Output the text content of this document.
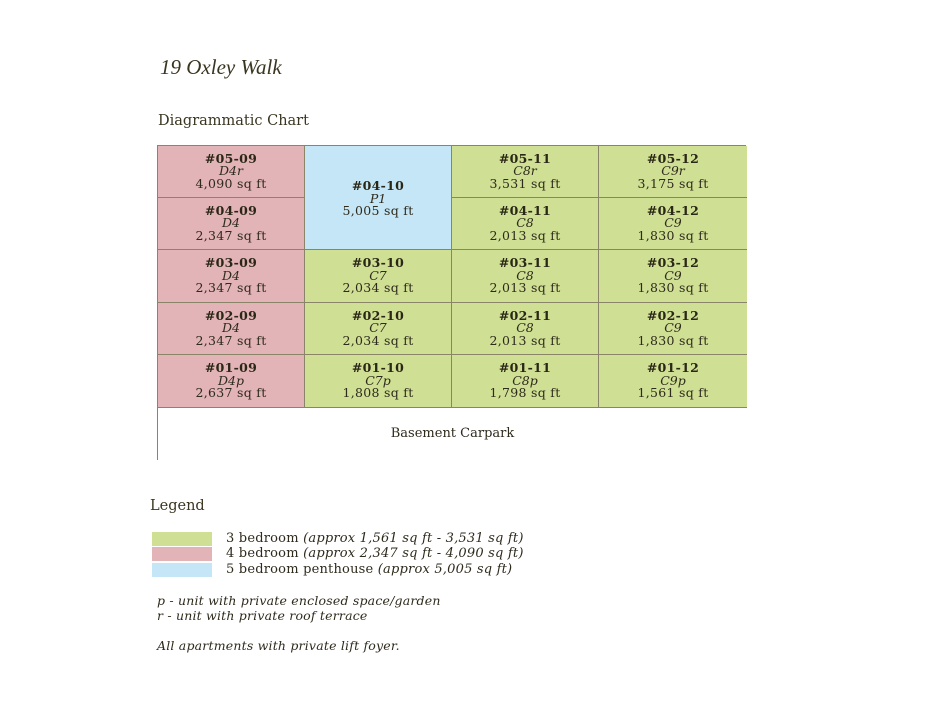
19 Oxley Walk
Diagrammatic Chart
#05-09
D4r
4,090 sq ft	#04-10
P1
5,005 sq ft
#05-11
C8r
3,531 sq ft
#05-12
C9r
3,175 sq ft
#04-09
D4
2,347 sq ft
#04-11
C8
2,013 sq ft
#04-12
C9
1,830 sq ft
#03-09
D4
2,347 sq ft
#03-10
C7
2,034 sq ft
#03-11
C8
2,013 sq ft
#03-12
C9
1,830 sq ft
#02-09
D4
2,347 sq ft
#02-10
C7
2,034 sq ft
#02-11
C8
2,013 sq ft
#02-12
C9
1,830 sq ft
#01-09
D4p
2,637 sq ft
#01-10
C7p
1,808 sq ft
#01-11
C8p
1,798 sq ft
#01-12
C9p
1,561 sq ft
Basement Carpark
Legend
3 bedroom (approx 1,561 sq ft - 3,531 sq ft)
4 bedroom (approx 2,347 sq ft - 4,090 sq ft)
5 bedroom penthouse (approx 5,005 sq ft)
p - unit with private enclosed space/garden
r - unit with private roof terrace
All apartments with private lift foyer.
